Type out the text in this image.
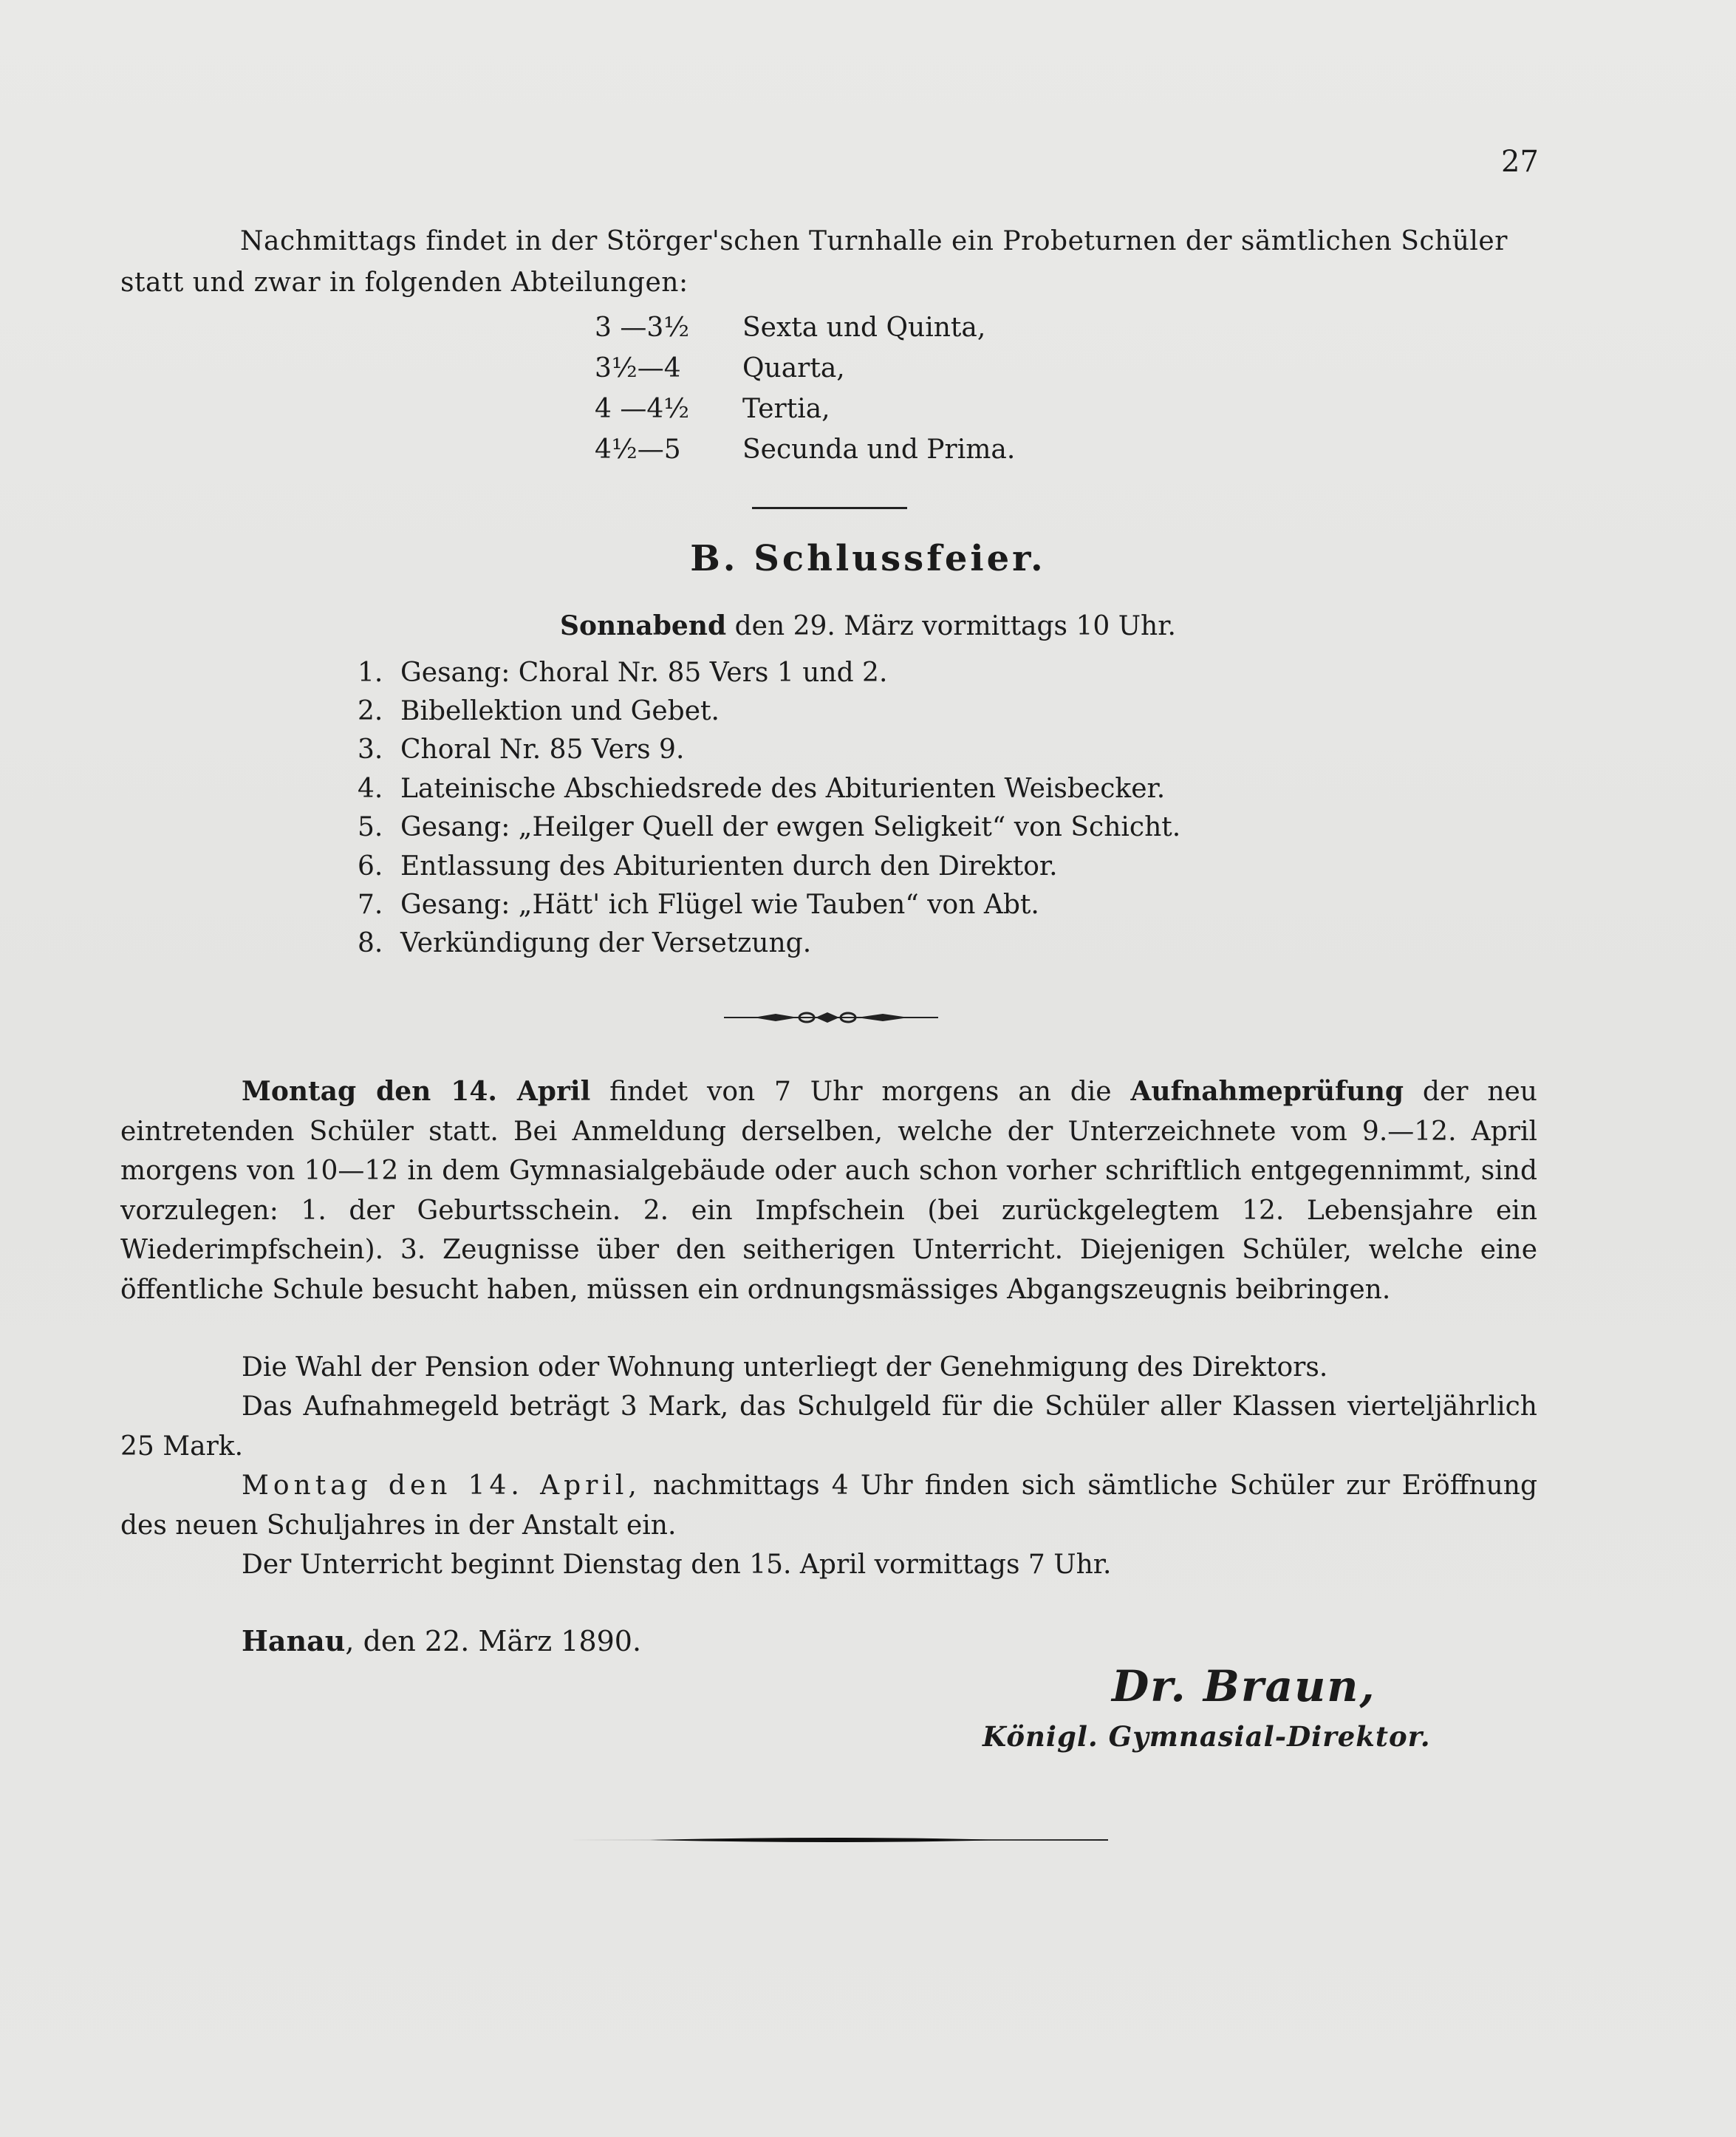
27
Nachmittags findet in der Störger'schen Turnhalle ein Probeturnen der sämtlichen Schüler
statt und zwar in folgenden Abteilungen:
3 —3½	Sexta und Quinta,
3½—4	Quarta,
4 —4½	Tertia,
4½—5	Secunda und Prima.
B. Schlussfeier.
Sonnabend den 29. März vormittags 10 Uhr.
1. Gesang: Choral Nr. 85 Vers 1 und 2.
2. Bibellektion und Gebet.
3. Choral Nr. 85 Vers 9.
4. Lateinische Abschiedsrede des Abiturienten Weisbecker.
5. Gesang: „Heilger Quell der ewgen Seligkeit“ von Schicht.
6. Entlassung des Abiturienten durch den Direktor.
7. Gesang: „Hätt' ich Flügel wie Tauben“ von Abt.
8. Verkündigung der Versetzung.
Montag den 14. April findet von 7 Uhr morgens an die Aufnahmeprüfung der neu eintretenden Schüler statt. Bei Anmeldung derselben, welche der Unterzeichnete vom 9.—12. April morgens von 10—12 in dem Gymnasialgebäude oder auch schon vorher schriftlich entgegennimmt, sind vorzulegen: 1. der Geburtsschein. 2. ein Impfschein (bei zurückgelegtem 12. Lebensjahre ein Wiederimpfschein). 3. Zeugnisse über den seitherigen Unterricht. Diejenigen Schüler, welche eine öffentliche Schule besucht haben, müssen ein ordnungsmässiges Abgangszeugnis beibringen.
Die Wahl der Pension oder Wohnung unterliegt der Genehmigung des Direktors.
Das Aufnahmegeld beträgt 3 Mark, das Schulgeld für die Schüler aller Klassen vierteljährlich 25 Mark.
Montag den 14. April, nachmittags 4 Uhr finden sich sämtliche Schüler zur Eröffnung des neuen Schuljahres in der Anstalt ein.
Der Unterricht beginnt Dienstag den 15. April vormittags 7 Uhr.
Hanau, den 22. März 1890.
Dr. Braun,
Königl. Gymnasial-Direktor.
